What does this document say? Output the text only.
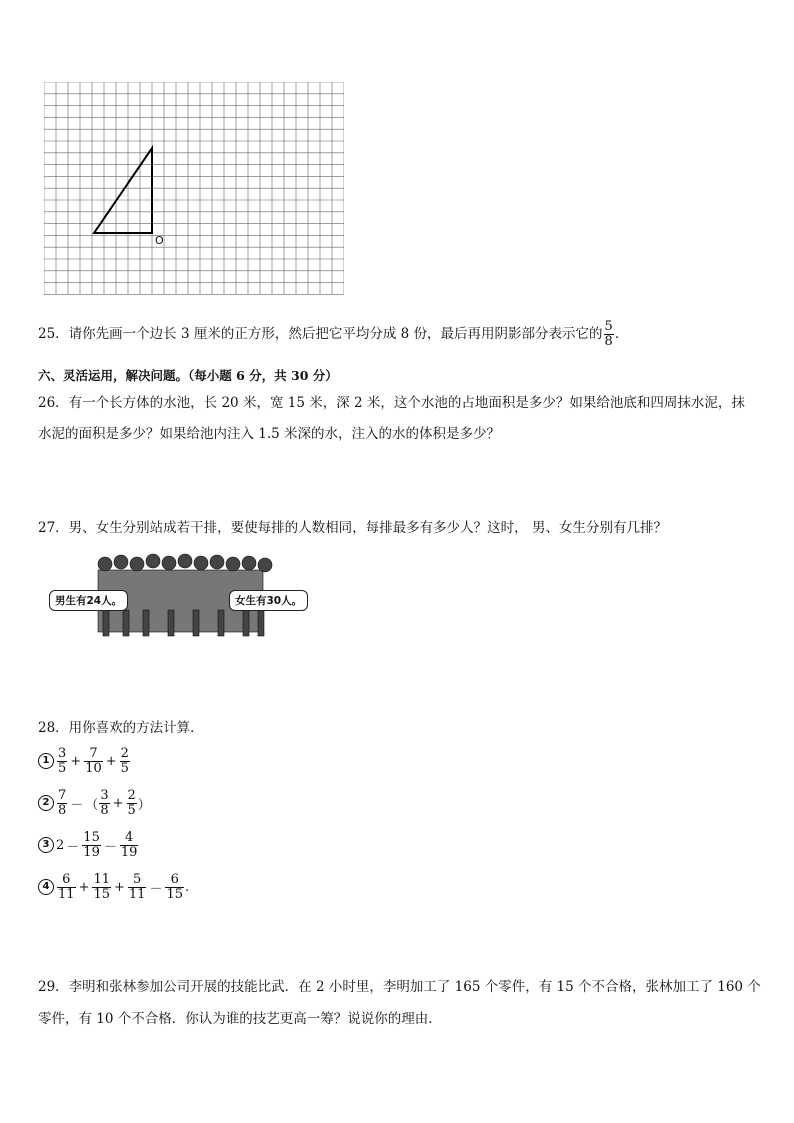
O
25．请你先画一个边长 3 厘米的正方形，然后把它平均分成 8 份，最后再用阴影部分表示它的 $\frac{5}{8}$ ．
六、灵活运用，解决问题。（每小题 6 分，共 30 分）
26．有一个长方体的水池，长 20 米，宽 15 米，深 2 米，这个水池的占地面积是多少？如果给池底和四周抹水泥，抹
水泥的面积是多少？如果给池内注入 1.5 米深的水，注入的水的体积是多少？
27．男、女生分别站成若干排，要使每排的人数相同，每排最多有多少人？这时， 男、女生分别有几排？
男生有24人。	女生有30人。
28．用你喜欢的方法计算．
$1 \frac{3}{5} + \frac{7}{10} + \frac{2}{5}$
$2 \frac{7}{8}$ － （ $\frac{3}{8} + \frac{2}{5}$ ）
3 $2 - \frac{15}{19} - \frac{4}{19}$
$4 \frac{6}{11} + \frac{11}{15} + \frac{5}{11} - \frac{6}{15}$ .
29．李明和张林参加公司开展的技能比武．在 2 小时里，李明加工了 165 个零件，有 15 个不合格，张林加工了 160 个
零件，有 10 个不合格．你认为谁的技艺更高一筹？说说你的理由．
